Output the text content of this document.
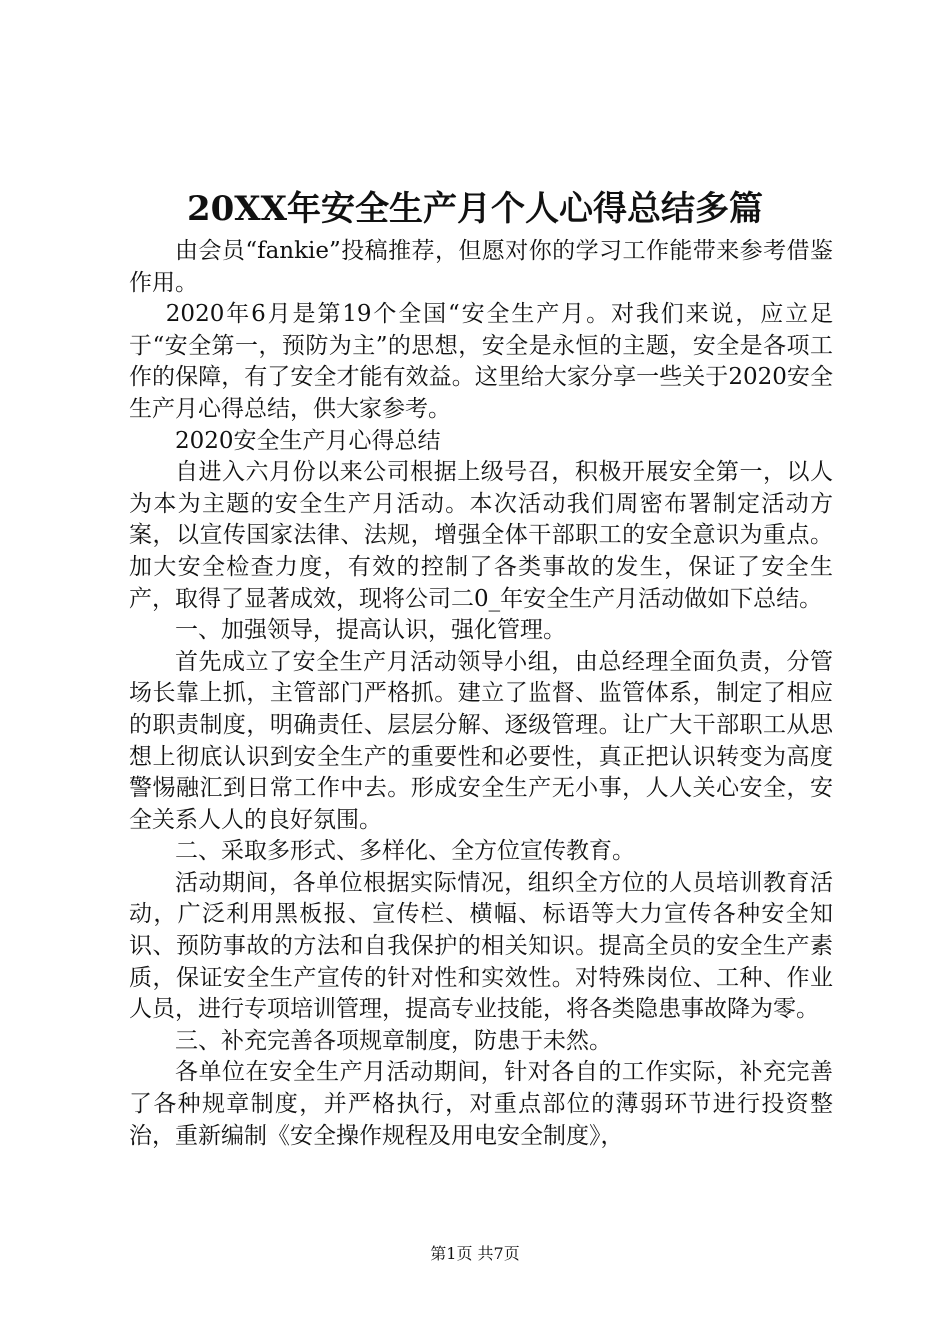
20XX年安全生产月个人心得总结多篇

由会员“fankie”投稿推荐，但愿对你的学习工作能带来参考借鉴作用。

2020年6月是第19个全国“安全生产月。对我们来说，应立足于“安全第一，预防为主”的思想，安全是永恒的主题，安全是各项工作的保障，有了安全才能有效益。这里给大家分享一些关于2020安全生产月心得总结，供大家参考。

2020安全生产月心得总结

自进入六月份以来公司根据上级号召，积极开展安全第一，以人为本为主题的安全生产月活动。本次活动我们周密布署制定活动方案，以宣传国家法律、法规，增强全体干部职工的安全意识为重点。加大安全检查力度，有效的控制了各类事故的发生，保证了安全生产，取得了显著成效，现将公司二0_年安全生产月活动做如下总结。

一、加强领导，提高认识，强化管理。

首先成立了安全生产月活动领导小组，由总经理全面负责，分管场长靠上抓，主管部门严格抓。建立了监督、监管体系，制定了相应的职责制度，明确责任、层层分解、逐级管理。让广大干部职工从思想上彻底认识到安全生产的重要性和必要性，真正把认识转变为高度警惕融汇到日常工作中去。形成安全生产无小事，人人关心安全，安全关系人人的良好氛围。

二、采取多形式、多样化、全方位宣传教育。

活动期间，各单位根据实际情况，组织全方位的人员培训教育活动，广泛利用黑板报、宣传栏、横幅、标语等大力宣传各种安全知识、预防事故的方法和自我保护的相关知识。提高全员的安全生产素质，保证安全生产宣传的针对性和实效性。对特殊岗位、工种、作业人员，进行专项培训管理，提高专业技能，将各类隐患事故降为零。

三、补充完善各项规章制度，防患于未然。

各单位在安全生产月活动期间，针对各自的工作实际，补充完善了各种规章制度，并严格执行，对重点部位的薄弱环节进行投资整治，重新编制《安全操作规程及用电安全制度》，

第1页 共7页
